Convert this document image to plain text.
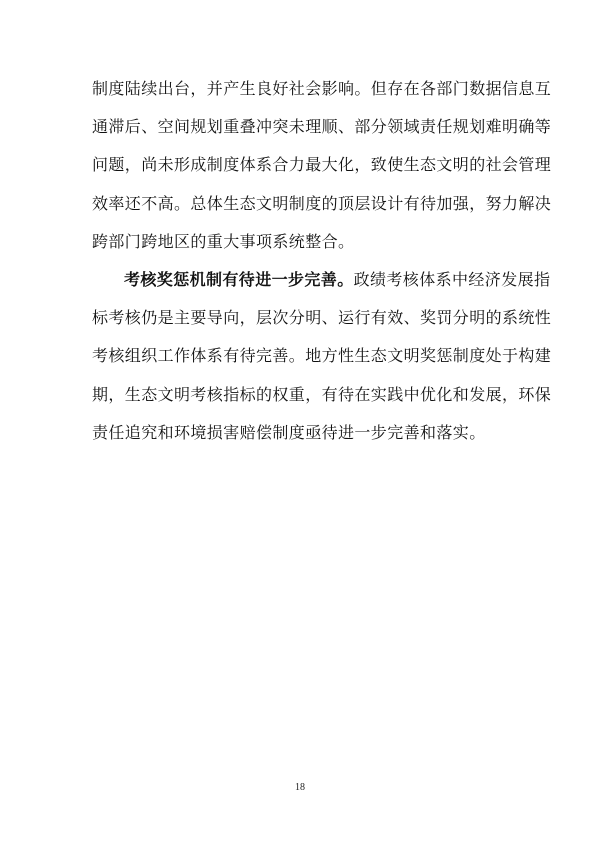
制度陆续出台，并产生良好社会影响。但存在各部门数据信息互
通滞后、空间规划重叠冲突未理顺、部分领域责任规划难明确等
问题，尚未形成制度体系合力最大化，致使生态文明的社会管理
效率还不高。总体生态文明制度的顶层设计有待加强，努力解决
跨部门跨地区的重大事项系统整合。
考核奖惩机制有待进一步完善。政绩考核体系中经济发展指
标考核仍是主要导向，层次分明、运行有效、奖罚分明的系统性
考核组织工作体系有待完善。地方性生态文明奖惩制度处于构建
期，生态文明考核指标的权重，有待在实践中优化和发展，环保
责任追究和环境损害赔偿制度亟待进一步完善和落实。
18
